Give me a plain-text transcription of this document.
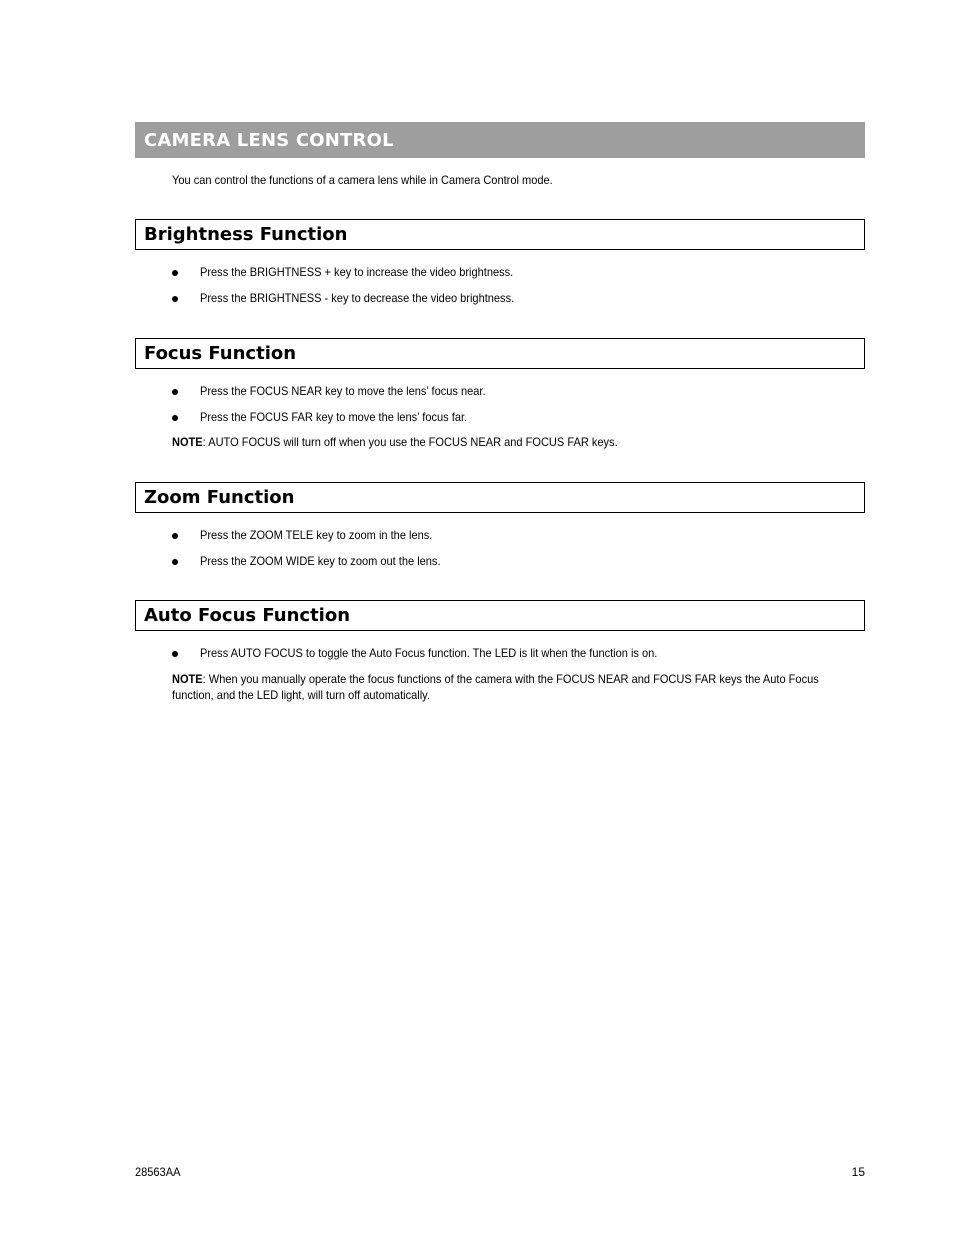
CAMERA LENS CONTROL
You can control the functions of a camera lens while in Camera Control mode.
Brightness Function
Press the BRIGHTNESS + key to increase the video brightness.
Press the BRIGHTNESS - key to decrease the video brightness.
Focus Function
Press the FOCUS NEAR key to move the lens’ focus near.
Press the FOCUS FAR key to move the lens’ focus far.
NOTE: AUTO FOCUS will turn off when you use the FOCUS NEAR and FOCUS FAR keys.
Zoom Function
Press the ZOOM TELE key to zoom in the lens.
Press the ZOOM WIDE key to zoom out the lens.
Auto Focus Function
Press AUTO FOCUS to toggle the Auto Focus function. The LED is lit when the function is on.
NOTE: When you manually operate the focus functions of the camera with the FOCUS NEAR and FOCUS FAR keys the Auto Focus function, and the LED light, will turn off automatically.
28563AA	15
